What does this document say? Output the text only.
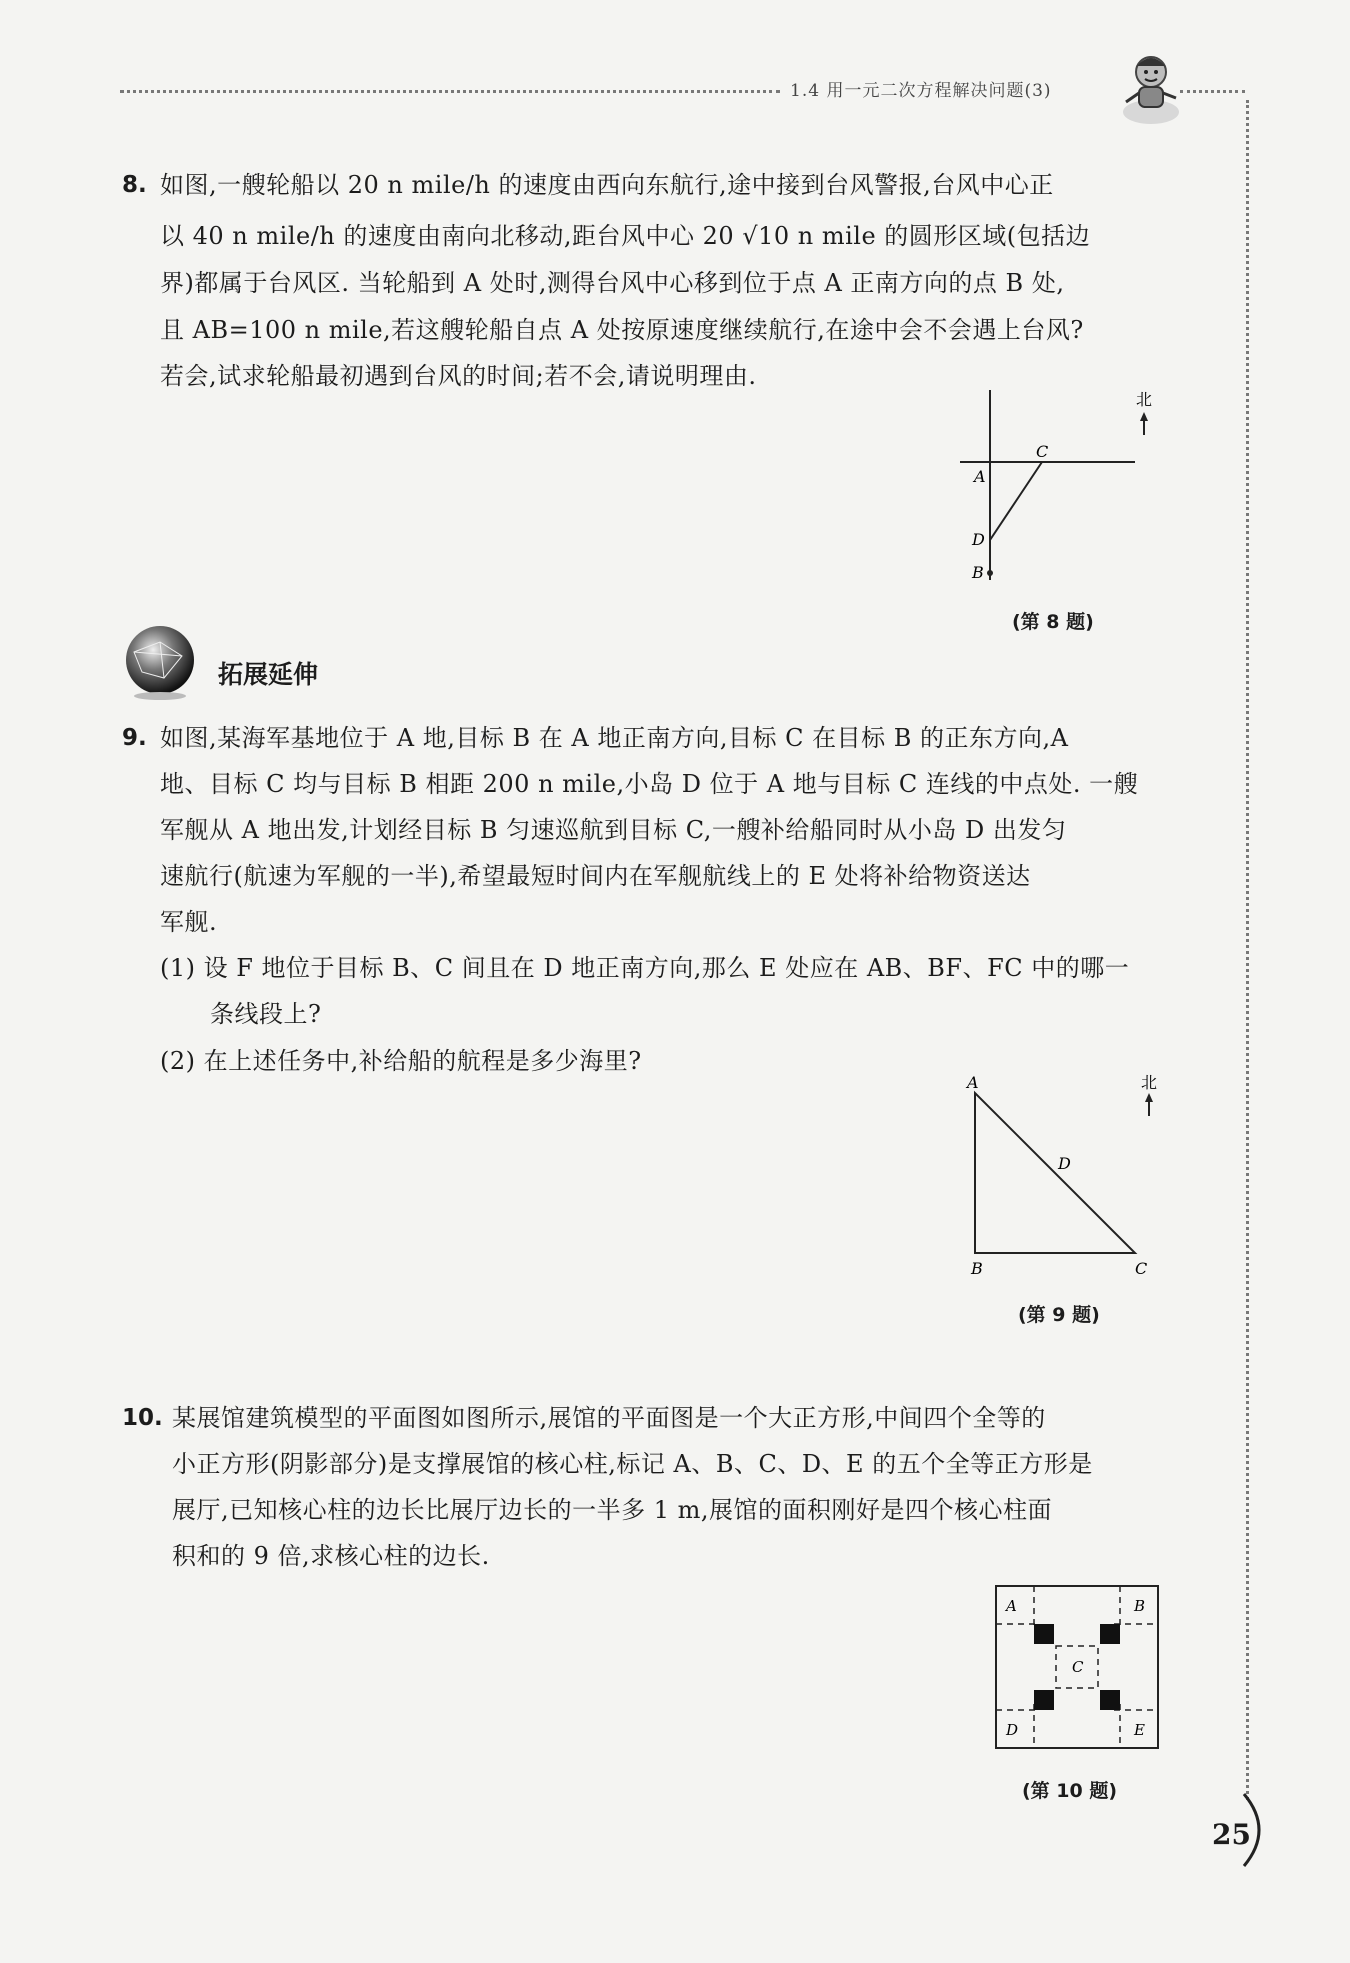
1.4 用一元二次方程解决问题(3)
8. 如图,一艘轮船以 20 n mile/h 的速度由西向东航行,途中接到台风警报,台风中心正
以 40 n mile/h 的速度由南向北移动,距台风中心 20 √10 n mile 的圆形区域(包括边
界)都属于台风区. 当轮船到 A 处时,测得台风中心移到位于点 A 正南方向的点 B 处,
且 AB=100 n mile,若这艘轮船自点 A 处按原速度继续航行,在途中会不会遇上台风?
若会,试求轮船最初遇到台风的时间;若不会,请说明理由.
A
C
D
B
北
(第 8 题)
拓展延伸
9. 如图,某海军基地位于 A 地,目标 B 在 A 地正南方向,目标 C 在目标 B 的正东方向,A
地、目标 C 均与目标 B 相距 200 n mile,小岛 D 位于 A 地与目标 C 连线的中点处. 一艘
军舰从 A 地出发,计划经目标 B 匀速巡航到目标 C,一艘补给船同时从小岛 D 出发匀
速航行(航速为军舰的一半),希望最短时间内在军舰航线上的 E 处将补给物资送达
军舰.
(1) 设 F 地位于目标 B、C 间且在 D 地正南方向,那么 E 处应在 AB、BF、FC 中的哪一
条线段上?
(2) 在上述任务中,补给船的航程是多少海里?
A
B	C
D
北
(第 9 题)
10. 某展馆建筑模型的平面图如图所示,展馆的平面图是一个大正方形,中间四个全等的
小正方形(阴影部分)是支撑展馆的核心柱,标记 A、B、C、D、E 的五个全等正方形是
展厅,已知核心柱的边长比展厅边长的一半多 1 m,展馆的面积刚好是四个核心柱面
积和的 9 倍,求核心柱的边长.
A	B
C
D	E
(第 10 题)
25
